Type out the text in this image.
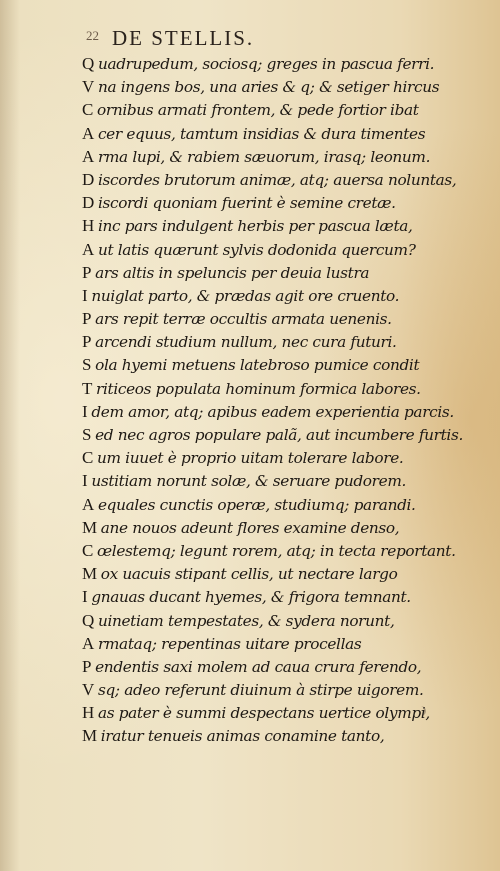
22 DE STELLIS.
Q uadrupedum, sociosq; greges in pascua ferri.
V na ingens bos, una aries & q; & setiger hircus
C ornibus armati frontem, & pede fortior ibat
A cer equus, tamtum insidias & dura timentes
A rma lupi, & rabiem sæuorum, irasq; leonum.
D iscordes brutorum animæ, atq; auersa noluntas,
D iscordi quoniam fuerint è semine cretæ.
H inc pars indulgent herbis per pascua læta,
A ut latis quærunt sylvis dodonida quercum?
P ars altis in speluncis per deuia lustra
I nuiglat parto, & prædas agit ore cruento.
P ars repit terræ occultis armata uenenis.
P arcendi studium nullum, nec cura futuri.
S ola hyemi metuens latebroso pumice condit
T riticeos populata hominum formica labores.
I dem amor, atq; apibus eadem experientia parcis.
S ed nec agros populare palã, aut incumbere furtis.
C um iuuet è proprio uitam tolerare labore.
I ustitiam norunt solæ, & seruare pudorem.
A equales cunctis operæ, studiumq; parandi.
M ane nouos adeunt flores examine denso,
C œlestemq; legunt rorem, atq; in tecta reportant.
M ox uacuis stipant cellis, ut nectare largo
I gnauas ducant hyemes, & frigora temnant.
Q uinetiam tempestates, & sydera norunt,
A rmataq; repentinas uitare procellas
P endentis saxi molem ad caua crura ferendo,
V sq; adeo referunt diuinum à stirpe uigorem.
H as pater è summi despectans uertice olympi,
M iratur tenueis animas conamine tanto,
